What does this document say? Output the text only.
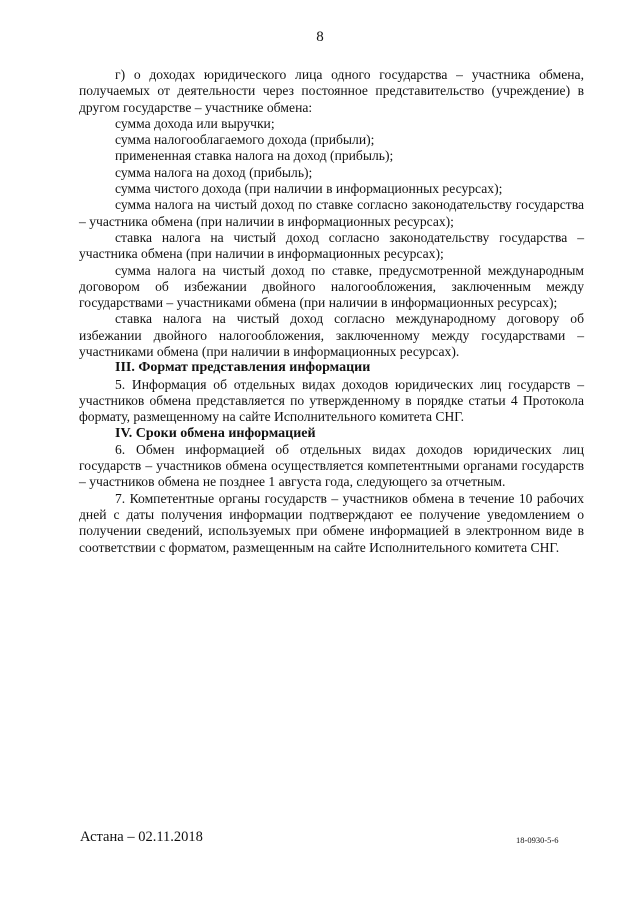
8

г) о доходах юридического лица одного государства – участника обмена, получаемых от деятельности через постоянное представительство (учреждение) в другом государстве – участнике обмена:

сумма дохода или выручки;

сумма налогооблагаемого дохода (прибыли);

примененная ставка налога на доход (прибыль);

сумма налога на доход (прибыль);

сумма чистого дохода (при наличии в информационных ресурсах);

сумма налога на чистый доход по ставке согласно законодательству государства – участника обмена (при наличии в информационных ресурсах);

ставка налога на чистый доход согласно законодательству государства – участника обмена (при наличии в информационных ресурсах);

сумма налога на чистый доход по ставке, предусмотренной международным договором об избежании двойного налогообложения, заключенным между государствами – участниками обмена (при наличии в информационных ресурсах);

ставка налога на чистый доход согласно международному договору об избежании двойного налогообложения, заключенному между государствами – участниками обмена (при наличии в информационных ресурсах).

III. Формат представления информации

5. Информация об отдельных видах доходов юридических лиц государств – участников обмена представляется по утвержденному в порядке статьи 4 Протокола формату, размещенному на сайте Исполнительного комитета СНГ.

IV. Сроки обмена информацией

6. Обмен информацией об отдельных видах доходов юридических лиц государств – участников обмена осуществляется компетентными органами государств – участников обмена не позднее 1 августа года, следующего за отчетным.

7. Компетентные органы государств – участников обмена в течение 10 рабочих дней с даты получения информации подтверждают ее получение уведомлением о получении сведений, используемых при обмене информацией в электронном виде в соответствии с форматом, размещенным на сайте Исполнительного комитета СНГ.

Астана – 02.11.2018	18-0930-5-6
